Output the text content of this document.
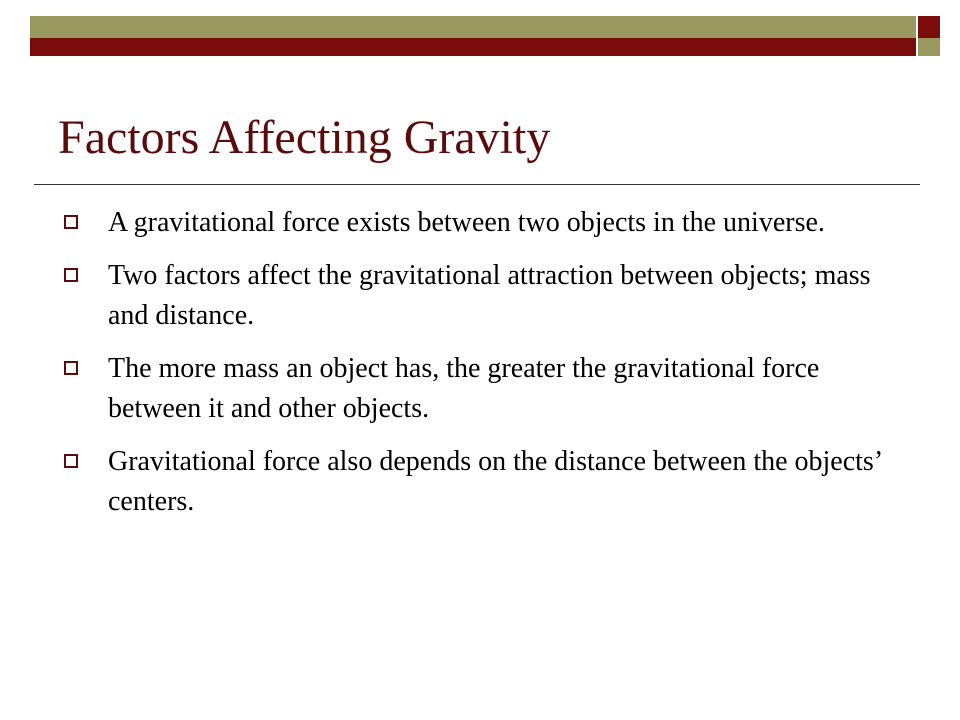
Factors Affecting Gravity
A gravitational force exists between two objects in the universe.
Two factors affect the gravitational attraction between objects; mass and distance.
The more mass an object has, the greater the gravitational force between it and other objects.
Gravitational force also depends on the distance between the objects’ centers.
